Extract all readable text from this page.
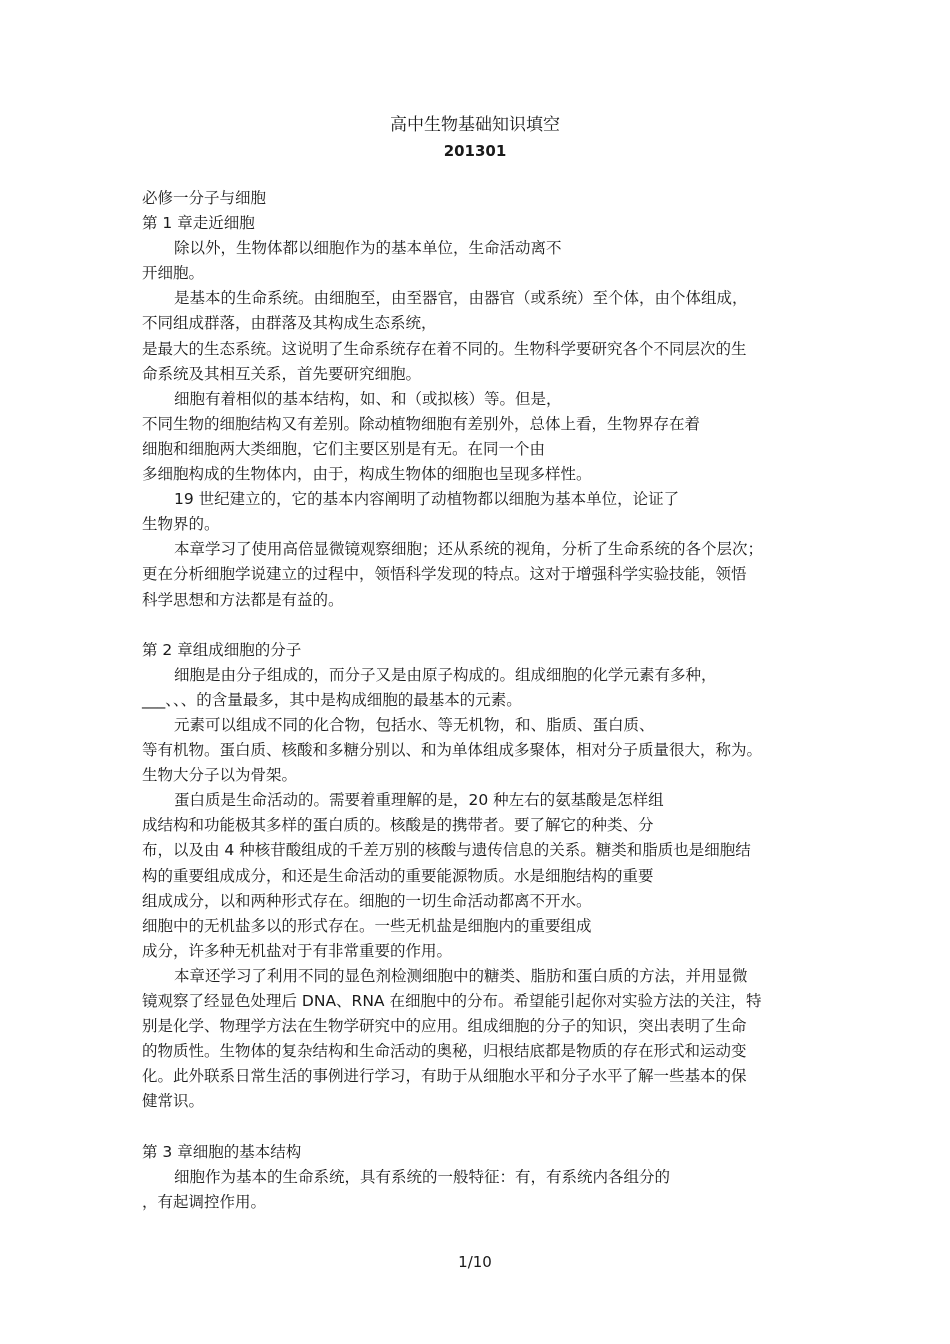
高中生物基础知识填空
201301
必修一分子与细胞
第 1 章走近细胞
除以外，生物体都以细胞作为的基本单位，生命活动离不
开细胞。
是基本的生命系统。由细胞至，由至器官，由器官（或系统）至个体，由个体组成，
不同组成群落，由群落及其构成生态系统，
是最大的生态系统。这说明了生命系统存在着不同的。生物科学要研究各个不同层次的生
命系统及其相互关系，首先要研究细胞。
细胞有着相似的基本结构，如、和（或拟核）等。但是，
不同生物的细胞结构又有差别。除动植物细胞有差别外，总体上看，生物界存在着
细胞和细胞两大类细胞，它们主要区别是有无。在同一个由
多细胞构成的生物体内，由于，构成生物体的细胞也呈现多样性。
19 世纪建立的，它的基本内容阐明了动植物都以细胞为基本单位，论证了
生物界的。
本章学习了使用高倍显微镜观察细胞；还从系统的视角，分析了生命系统的各个层次；
更在分析细胞学说建立的过程中，领悟科学发现的特点。这对于增强科学实验技能，领悟
科学思想和方法都是有益的。
第 2 章组成细胞的分子
细胞是由分子组成的，而分子又是由原子构成的。组成细胞的化学元素有多种，
___、、、的含量最多，其中是构成细胞的最基本的元素。
元素可以组成不同的化合物，包括水、等无机物，和、脂质、蛋白质、
等有机物。蛋白质、核酸和多糖分别以、和为单体组成多聚体，相对分子质量很大，称为。
生物大分子以为骨架。
蛋白质是生命活动的。需要着重理解的是，20 种左右的氨基酸是怎样组
成结构和功能极其多样的蛋白质的。核酸是的携带者。要了解它的种类、分
布，以及由 4 种核苷酸组成的千差万别的核酸与遗传信息的关系。糖类和脂质也是细胞结
构的重要组成成分，和还是生命活动的重要能源物质。水是细胞结构的重要
组成成分，以和两种形式存在。细胞的一切生命活动都离不开水。
细胞中的无机盐多以的形式存在。一些无机盐是细胞内的重要组成
成分，许多种无机盐对于有非常重要的作用。
本章还学习了利用不同的显色剂检测细胞中的糖类、脂肪和蛋白质的方法，并用显微
镜观察了经显色处理后 DNA、RNA 在细胞中的分布。希望能引起你对实验方法的关注，特
别是化学、物理学方法在生物学研究中的应用。组成细胞的分子的知识，突出表明了生命
的物质性。生物体的复杂结构和生命活动的奥秘，归根结底都是物质的存在形式和运动变
化。此外联系日常生活的事例进行学习，有助于从细胞水平和分子水平了解一些基本的保
健常识。
第 3 章细胞的基本结构
细胞作为基本的生命系统，具有系统的一般特征：有，有系统内各组分的
，有起调控作用。
1/10
